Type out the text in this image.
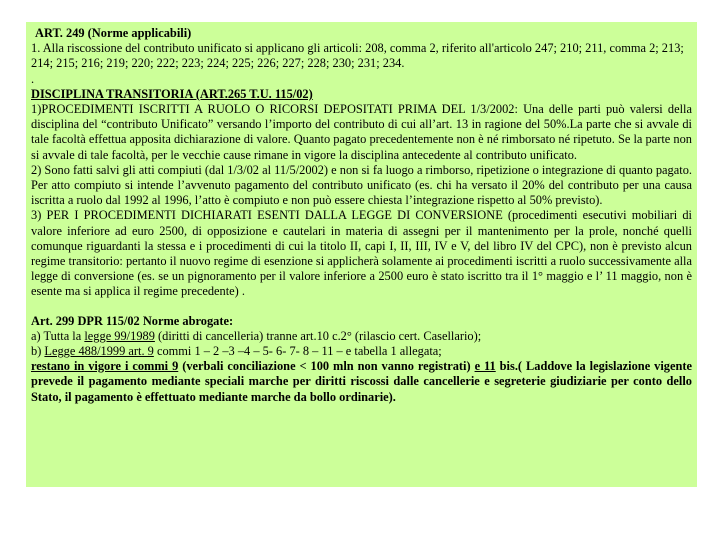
ART. 249 (Norme applicabili)

1. Alla riscossione del contributo unificato si applicano gli articoli: 208, comma 2, riferito all'articolo 247; 210; 211, comma 2; 213; 214; 215; 216; 219; 220; 222; 223; 224; 225; 226; 227; 228; 230; 231; 234.

.

DISCIPLINA TRANSITORIA (ART.265 T.U. 115/02)

1)PROCEDIMENTI ISCRITTI A RUOLO O RICORSI DEPOSITATI PRIMA DEL 1/3/2002: Una delle parti può valersi della disciplina del “contributo Unificato” versando l’importo del contributo di cui all’art. 13 in ragione del 50%.La parte che si avvale di tale facoltà effettua apposita dichiarazione di valore. Quanto pagato precedentemente non è né rimborsato né ripetuto. Se la parte non si avvale di tale facoltà, per le vecchie cause rimane in vigore la disciplina antecedente al contributo unificato.

2) Sono fatti salvi gli atti compiuti (dal 1/3/02 al 11/5/2002) e non si fa luogo a rimborso, ripetizione o integrazione di quanto pagato. Per atto compiuto si intende l’avvenuto pagamento del contributo unificato (es. chi ha versato il 20% del contributo per una causa iscritta a ruolo dal 1992 al 1996, l’atto è compiuto e non può essere chiesta l’integrazione rispetto al 50% previsto).

3) PER I PROCEDIMENTI DICHIARATI ESENTI DALLA LEGGE DI CONVERSIONE (procedimenti esecutivi mobiliari di valore inferiore ad euro 2500, di opposizione e cautelari in materia di assegni per il mantenimento per la prole, nonché quelli comunque riguardanti la stessa e i procedimenti di cui la titolo II, capi I, II, III, IV e V, del libro IV del CPC), non è previsto alcun regime transitorio: pertanto il nuovo regime di esenzione si applicherà solamente ai procedimenti iscritti a ruolo successivamente alla legge di conversione (es. se un pignoramento per il valore inferiore a 2500 euro è stato iscritto tra il 1° maggio e l’ 11 maggio, non è esente ma si applica il regime precedente) .

Art. 299 DPR 115/02 Norme abrogate:

a) Tutta la legge 99/1989 (diritti di cancelleria) tranne art.10 c.2° (rilascio cert. Casellario);

b) Legge 488/1999 art. 9 commi 1 – 2 –3 –4 – 5- 6- 7- 8 – 11 – e tabella 1 allegata;

restano in vigore i commi 9 (verbali conciliazione < 100 mln non vanno registrati) e 11 bis.( Laddove la legislazione vigente prevede il pagamento mediante speciali marche per diritti riscossi dalle cancellerie e segreterie giudiziarie per conto dello Stato, il pagamento è effettuato mediante marche da bollo ordinarie).
